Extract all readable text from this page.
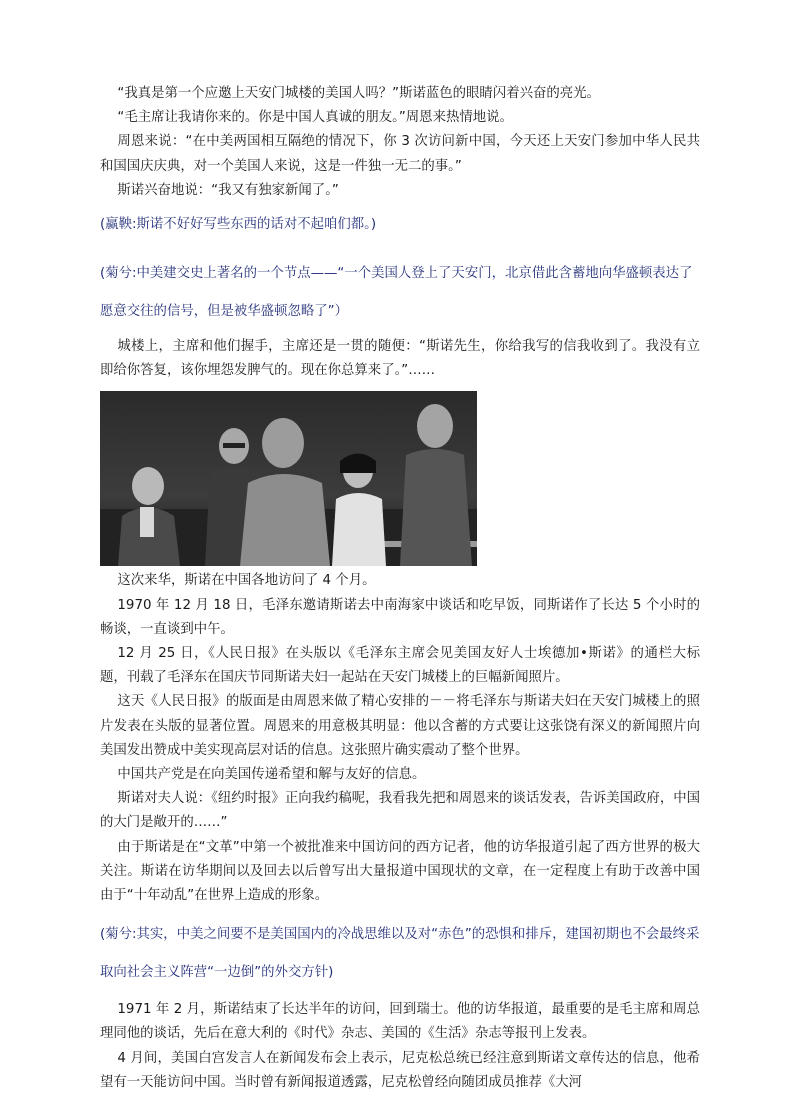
“我真是第一个应邀上天安门城楼的美国人吗？”斯诺蓝色的眼睛闪着兴奋的亮光。

“毛主席让我请你来的。你是中国人真诚的朋友。”周恩来热情地说。

周恩来说：“在中美两国相互隔绝的情况下，你 3 次访问新中国，今天还上天安门参加中华人民共和国国庆庆典，对一个美国人来说，这是一件独一无二的事。”

斯诺兴奋地说：“我又有独家新闻了。”

(赢鞅:斯诺不好好写些东西的话对不起咱们都。)

(菊兮:中美建交史上著名的一个节点——“一个美国人登上了天安门，北京借此含蓄地向华盛顿表达了愿意交往的信号，但是被华盛顿忽略了”）

城楼上，主席和他们握手，主席还是一贯的随便：“斯诺先生，你给我写的信我收到了。我没有立即给你答复，该你埋怨发脾气的。现在你总算来了。”……

这次来华，斯诺在中国各地访问了 4 个月。

1970 年 12 月 18 日，毛泽东邀请斯诺去中南海家中谈话和吃早饭，同斯诺作了长达 5 个小时的畅谈，一直谈到中午。

12 月 25 日，《人民日报》在头版以《毛泽东主席会见美国友好人士埃德加•斯诺》的通栏大标题，刊载了毛泽东在国庆节同斯诺夫妇一起站在天安门城楼上的巨幅新闻照片。

这天《人民日报》的版面是由周恩来做了精心安排的－－将毛泽东与斯诺夫妇在天安门城楼上的照片发表在头版的显著位置。周恩来的用意极其明显：他以含蓄的方式要让这张饶有深义的新闻照片向美国发出赞成中美实现高层对话的信息。这张照片确实震动了整个世界。

中国共产党是在向美国传递希望和解与友好的信息。

斯诺对夫人说：《纽约时报》正向我约稿呢，我看我先把和周恩来的谈话发表，告诉美国政府，中国的大门是敞开的……”

由于斯诺是在“文革”中第一个被批准来中国访问的西方记者，他的访华报道引起了西方世界的极大关注。斯诺在访华期间以及回去以后曾写出大量报道中国现状的文章，在一定程度上有助于改善中国由于“十年动乱”在世界上造成的形象。

(菊兮:其实，中美之间要不是美国国内的冷战思维以及对“赤色”的恐惧和排斥，建国初期也不会最终采取向社会主义阵营“一边倒”的外交方针)

1971 年 2 月，斯诺结束了长达半年的访问，回到瑞士。他的访华报道，最重要的是毛主席和周总理同他的谈话，先后在意大利的《时代》杂志、美国的《生活》杂志等报刊上发表。

4 月间，美国白宫发言人在新闻发布会上表示，尼克松总统已经注意到斯诺文章传达的信息，他希望有一天能访问中国。当时曾有新闻报道透露，尼克松曾经向随团成员推荐《大河
